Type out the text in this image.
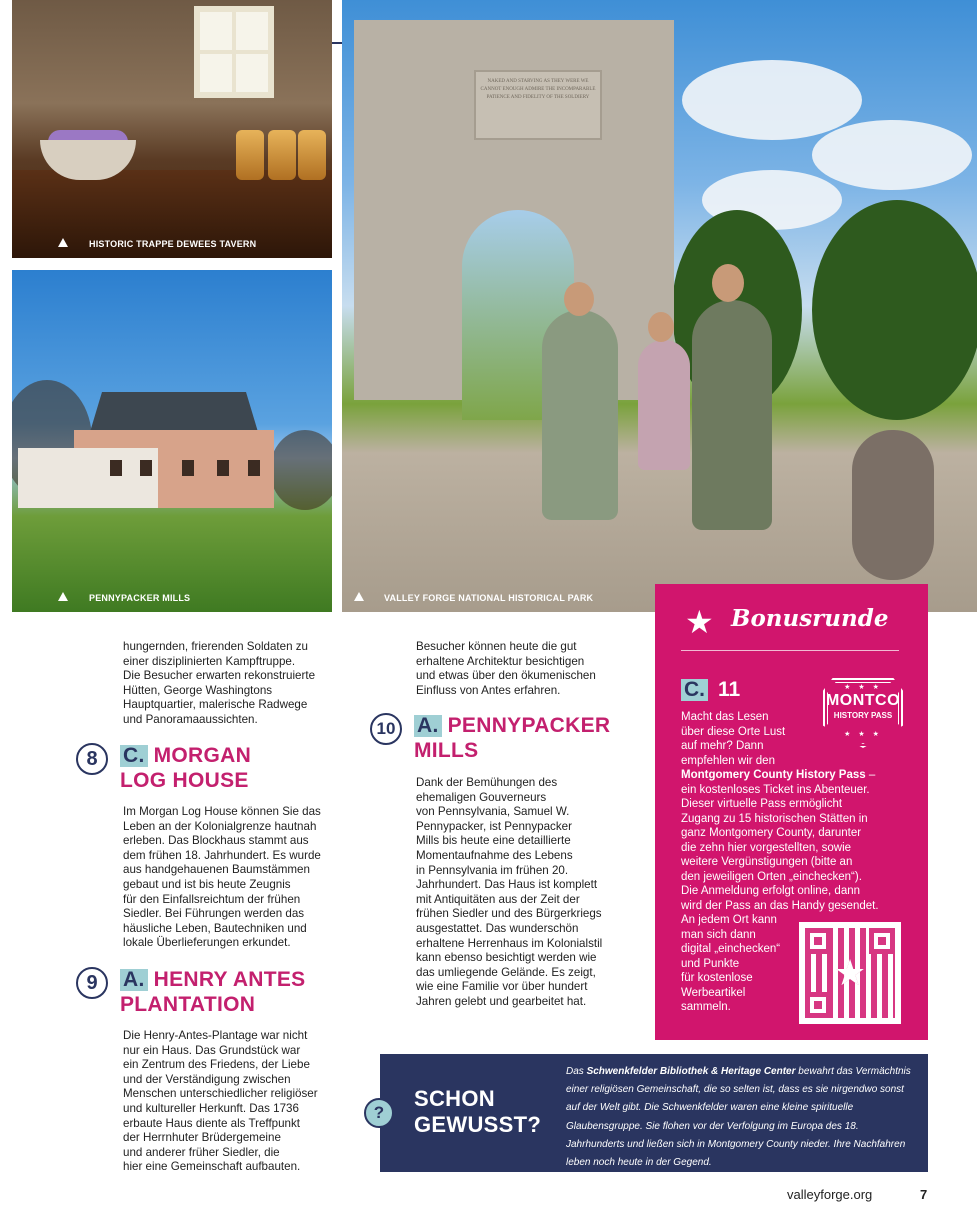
HISTORIC TRAPPE DEWEES TAVERN
PENNYPACKER MILLS
NAKED AND STARVING AS THEY WERE WE CANNOT ENOUGH ADMIRE THE INCOMPARABLE PATIENCE AND FIDELITY OF THE SOLDIERY
VALLEY FORGE NATIONAL HISTORICAL PARK

hungernden, frierenden Soldaten zu
einer disziplinierten Kampftruppe.
Die Besucher erwarten rekonstruierte
Hütten, George Washingtons
Hauptquartier, malerische Radwege
und Panoramaaussichten.

8	C. MORGAN
LOG HOUSE

Im Morgan Log House können Sie das
Leben an der Kolonialgrenze hautnah
erleben. Das Blockhaus stammt aus
dem frühen 18. Jahrhundert. Es wurde
aus handgehauenen Baumstämmen
gebaut und ist bis heute Zeugnis
für den Einfallsreichtum der frühen
Siedler. Bei Führungen werden das
häusliche Leben, Bautechniken und
lokale Überlieferungen erkundet.

9	A. HENRY ANTES
PLANTATION

Die Henry-Antes-Plantage war nicht
nur ein Haus. Das Grundstück war
ein Zentrum des Friedens, der Liebe
und der Verständigung zwischen
Menschen unterschiedlicher religiöser
und kultureller Herkunft. Das 1736
erbaute Haus diente als Treffpunkt
der Herrnhuter Brüdergemeine
und anderer früher Siedler, die
hier eine Gemeinschaft aufbauten.

Besucher können heute die gut
erhaltene Architektur besichtigen
und etwas über den ökumenischen
Einfluss von Antes erfahren.

10	A. PENNYPACKER
MILLS

Dank der Bemühungen des
ehemaligen Gouverneurs
von Pennsylvania, Samuel W.
Pennypacker, ist Pennypacker
Mills bis heute eine detaillierte
Momentaufnahme des Lebens
in Pennsylvania im frühen 20.
Jahrhundert. Das Haus ist komplett
mit Antiquitäten aus der Zeit der
frühen Siedler und des Bürgerkriegs
ausgestattet. Das wunderschön
erhaltene Herrenhaus im Kolonialstil
kann ebenso besichtigt werden wie
das umliegende Gelände. Es zeigt,
wie eine Familie vor über hundert
Jahren gelebt und gearbeitet hat.

★ Bonusrunde
C. 11	★ ★ ★
MONTCO
HISTORY PASS
★ ★ ★
Macht das Lesen
über diese Orte Lust
auf mehr? Dann
empfehlen wir den
Montgomery County History Pass –
ein kostenloses Ticket ins Abenteuer.
Dieser virtuelle Pass ermöglicht
Zugang zu 15 historischen Stätten in
ganz Montgomery County, darunter
die zehn hier vorgestellten, sowie
weitere Vergünstigungen (bitte an
den jeweiligen Orten „einchecken“).
Die Anmeldung erfolgt online, dann
wird der Pass an das Handy gesendet.
An jedem Ort kann
man sich dann
digital „einchecken“
und Punkte
für kostenlose
Werbeartikel
sammeln.
★
?
SCHON
GEWUSST?
Das Schwenkfelder Bibliothek & Heritage Center bewahrt das Vermächtnis einer religiösen Gemeinschaft, die so selten ist, dass es sie nirgendwo sonst auf der Welt gibt. Die Schwenkfelder waren eine kleine spirituelle Glaubensgruppe. Sie flohen vor der Verfolgung im Europa des 18. Jahrhunderts und ließen sich in Montgomery County nieder. Ihre Nachfahren leben noch heute in der Gegend.
valleyforge.org	7
